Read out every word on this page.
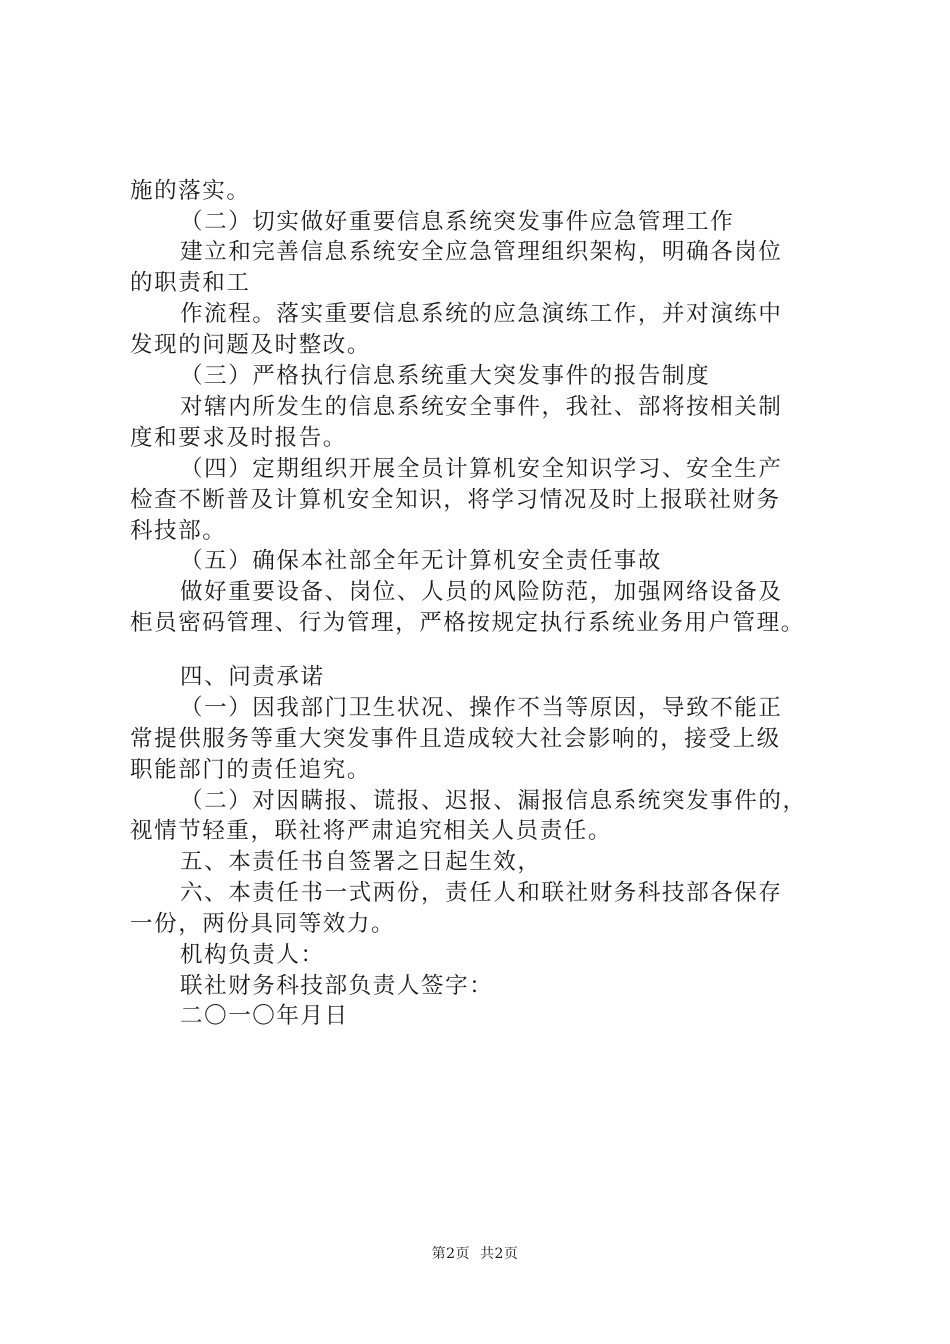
施的落实。
（二）切实做好重要信息系统突发事件应急管理工作
建立和完善信息系统安全应急管理组织架构，明确各岗位
的职责和工
作流程。落实重要信息系统的应急演练工作，并对演练中
发现的问题及时整改。
（三）严格执行信息系统重大突发事件的报告制度
对辖内所发生的信息系统安全事件，我社、部将按相关制
度和要求及时报告。
（四）定期组织开展全员计算机安全知识学习、安全生产
检查不断普及计算机安全知识，将学习情况及时上报联社财务
科技部。
（五）确保本社部全年无计算机安全责任事故
做好重要设备、岗位、人员的风险防范，加强网络设备及
柜员密码管理、行为管理，严格按规定执行系统业务用户管理。
四、问责承诺
（一）因我部门卫生状况、操作不当等原因，导致不能正
常提供服务等重大突发事件且造成较大社会影响的，接受上级
职能部门的责任追究。
（二）对因瞒报、谎报、迟报、漏报信息系统突发事件的，
视情节轻重，联社将严肃追究相关人员责任。
五、本责任书自签署之日起生效，
六、本责任书一式两份，责任人和联社财务科技部各保存
一份，两份具同等效力。
机构负责人：
联社财务科技部负责人签字：
二〇一〇年月日
第2页 共2页
